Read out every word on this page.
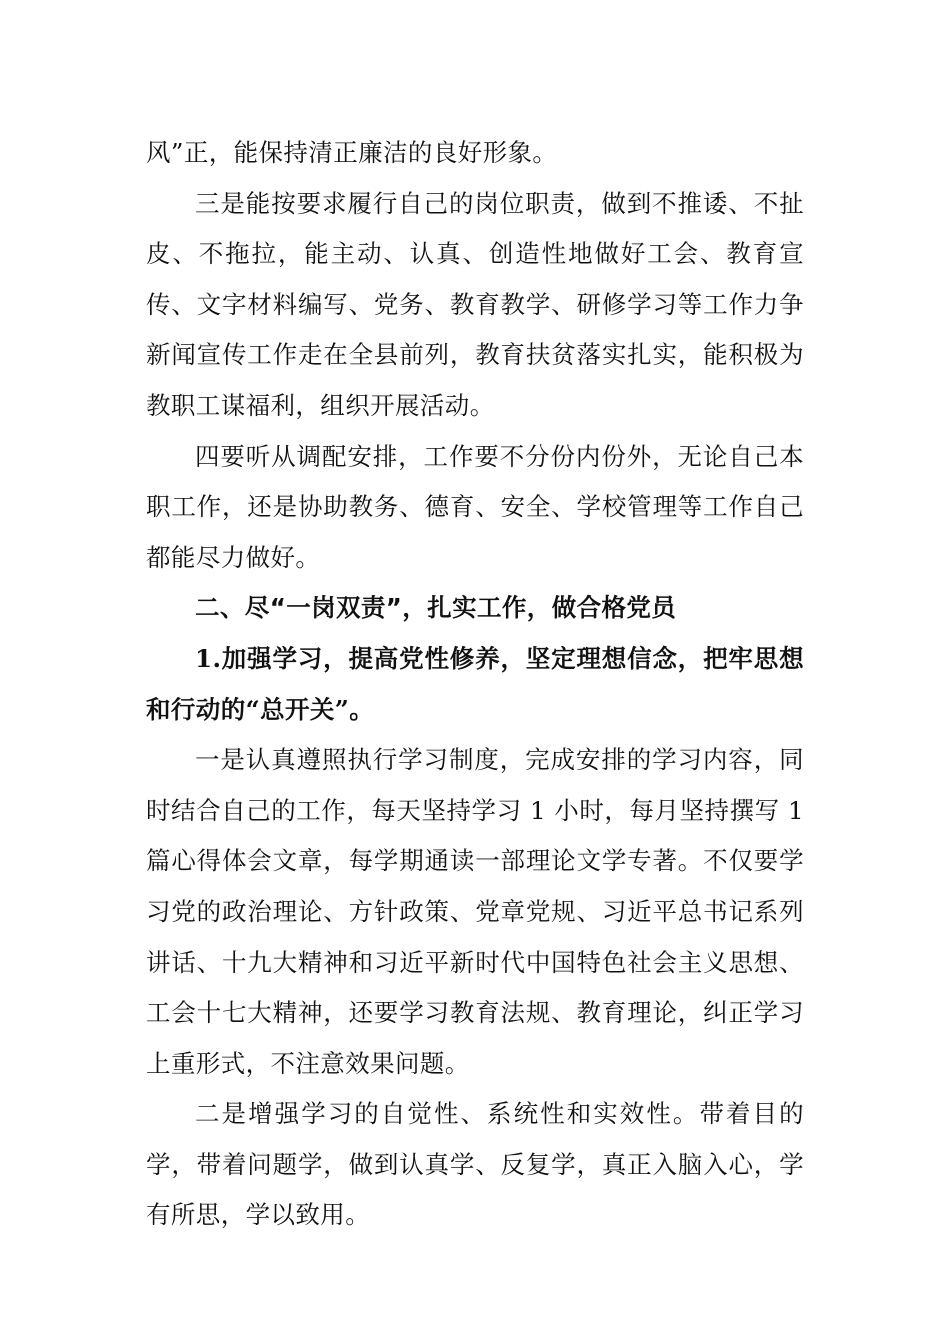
风”正，能保持清正廉洁的良好形象。

三是能按要求履行自己的岗位职责，做到不推诿、不扯皮、不拖拉，能主动、认真、创造性地做好工会、教育宣传、文字材料编写、党务、教育教学、研修学习等工作力争新闻宣传工作走在全县前列，教育扶贫落实扎实，能积极为教职工谋福利，组织开展活动。

四要听从调配安排，工作要不分份内份外，无论自己本职工作，还是协助教务、德育、安全、学校管理等工作自己都能尽力做好。

二、尽“一岗双责”，扎实工作，做合格党员

1.加强学习，提高党性修养，坚定理想信念，把牢思想和行动的“总开关”。

一是认真遵照执行学习制度，完成安排的学习内容，同时结合自己的工作，每天坚持学习 1 小时，每月坚持撰写 1 篇心得体会文章，每学期通读一部理论文学专著。不仅要学习党的政治理论、方针政策、党章党规、习近平总书记系列讲话、十九大精神和习近平新时代中国特色社会主义思想、工会十七大精神，还要学习教育法规、教育理论，纠正学习上重形式，不注意效果问题。

二是增强学习的自觉性、系统性和实效性。带着目的学，带着问题学，做到认真学、反复学，真正入脑入心，学有所思，学以致用。
